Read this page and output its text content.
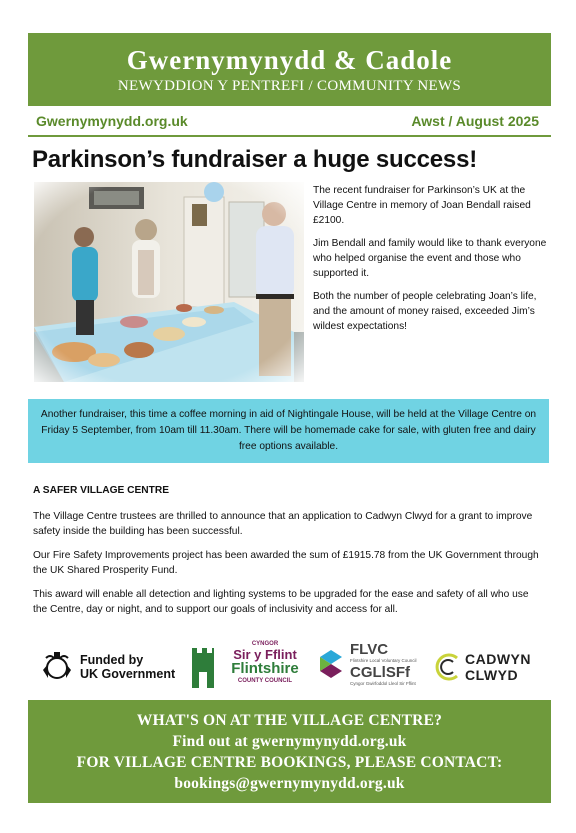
Gwernymynydd & Cadole
NEWYDDION Y PENTREFI / COMMUNITY NEWS
Gwernymynydd.org.uk	Awst / August 2025
Parkinson’s fundraiser a huge success!

The recent fundraiser for Parkinson’s UK at the Village Centre in memory of Joan Bendall raised £2100.

Jim Bendall and family would like to thank everyone who helped organise the event and those who supported it.

Both the number of people celebrating Joan’s life, and the amount of money raised, exceeded Jim’s wildest expectations!

Another fundraiser, this time a coffee morning in aid of Nightingale House, will be held at the Village Centre on Friday 5 September, from 10am till 11.30am. There will be homemade cake for sale, with gluten free and dairy free options available.
A SAFER VILLAGE CENTRE

The Village Centre trustees are thrilled to announce that an application to Cadwyn Clwyd for a grant to improve safety inside the building has been successful.

Our Fire Safety Improvements project has been awarded the sum of £1915.78 from the UK Government through the UK Shared Prosperity Fund.

This award will enable all detection and lighting systems to be upgraded for the ease and safety of all who use the Centre, day or night, and to support our goals of inclusivity and access for all.

Funded by
UK Government
CYNGOR
Sir y Fflint
Flintshire
COUNTY COUNCIL
FLVC
Flintshire Local Voluntary Council
CGLlSFf
Cyngor Gwirfoddol Lleol Sir Fflint
CADWYN
CLWYD
WHAT'S ON AT THE VILLAGE CENTRE?
Find out at gwernymynydd.org.uk
FOR VILLAGE CENTRE BOOKINGS, PLEASE CONTACT:
bookings@gwernymynydd.org.uk
